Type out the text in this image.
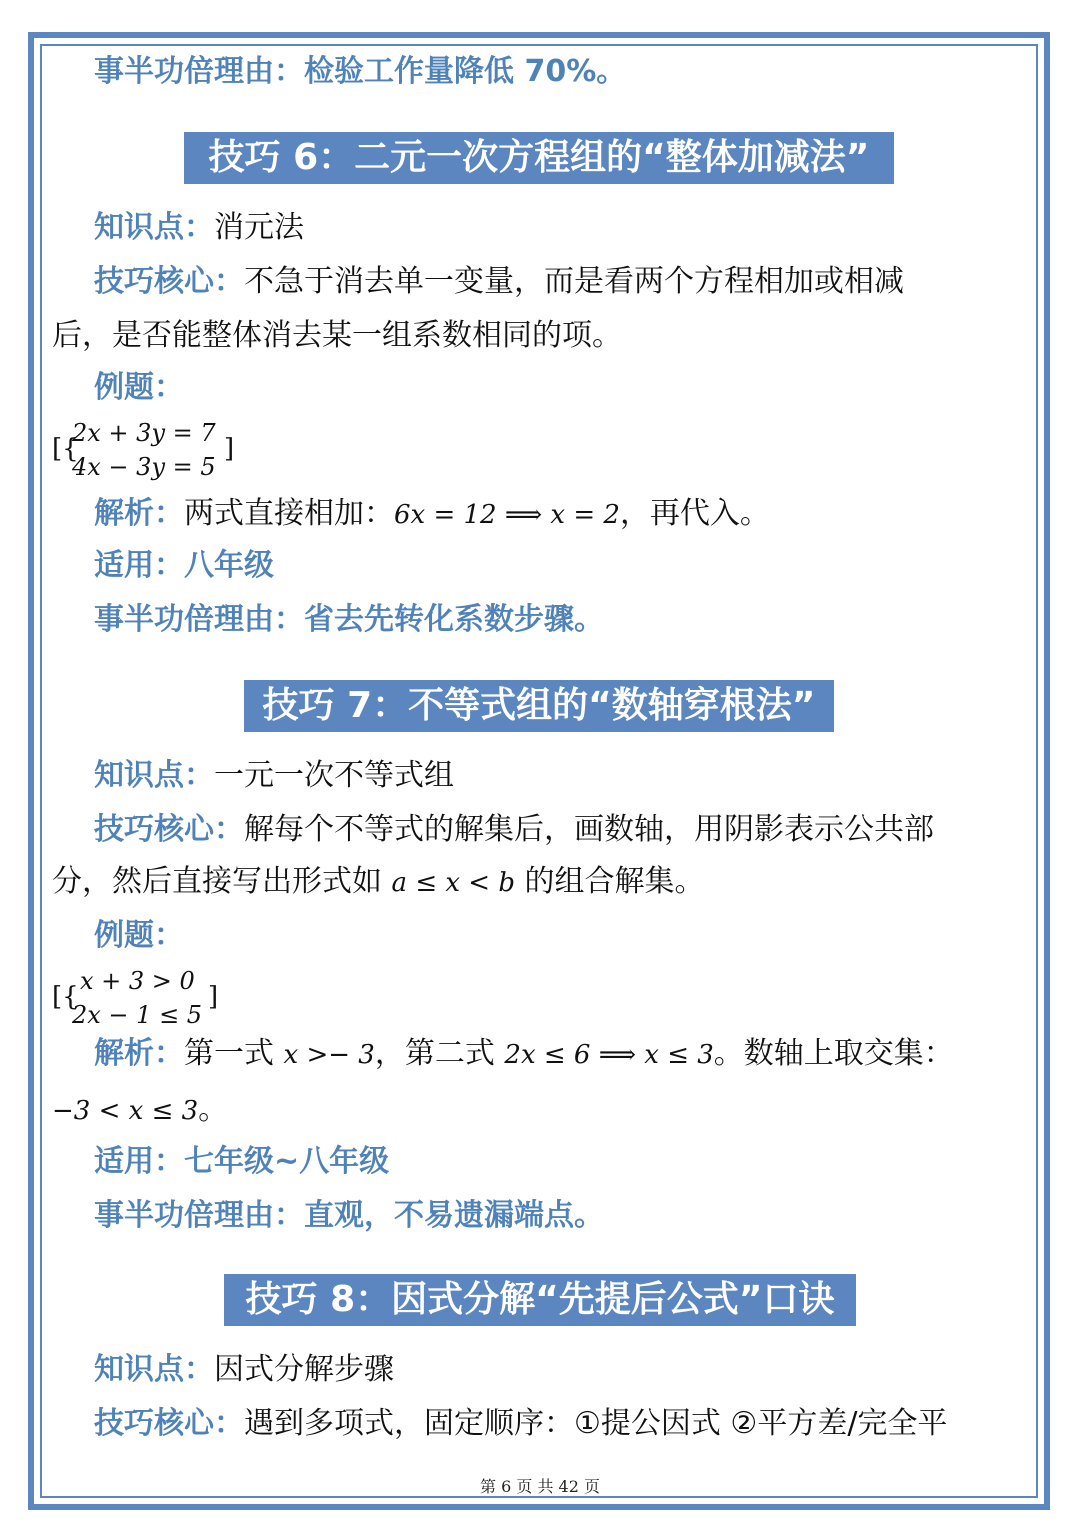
事半功倍理由：检验工作量降低 70%。
技巧 6：二元一次方程组的“整体加减法”
知识点：消元法
技巧核心：不急于消去单一变量，而是看两个方程相加或相减
后，是否能整体消去某一组系数相同的项。
例题：
[{
2x + 3y = 7
4x − 3y = 5
]
解析：两式直接相加：6x = 12 ⟹ x = 2，再代入。
适用：八年级
事半功倍理由：省去先转化系数步骤。
技巧 7：不等式组的“数轴穿根法”
知识点：一元一次不等式组
技巧核心：解每个不等式的解集后，画数轴，用阴影表示公共部
分，然后直接写出形式如 a ≤ x < b 的组合解集。
例题：
[{
x + 3 > 0
2x − 1 ≤ 5
]
解析：第一式 x >− 3，第二式 2x ≤ 6 ⟹ x ≤ 3。数轴上取交集：
−3 < x ≤ 3。
适用：七年级~八年级
事半功倍理由：直观，不易遗漏端点。
技巧 8：因式分解“先提后公式”口诀
知识点：因式分解步骤
技巧核心：遇到多项式，固定顺序：①提公因式 ②平方差/完全平
第 6 页 共 42 页
